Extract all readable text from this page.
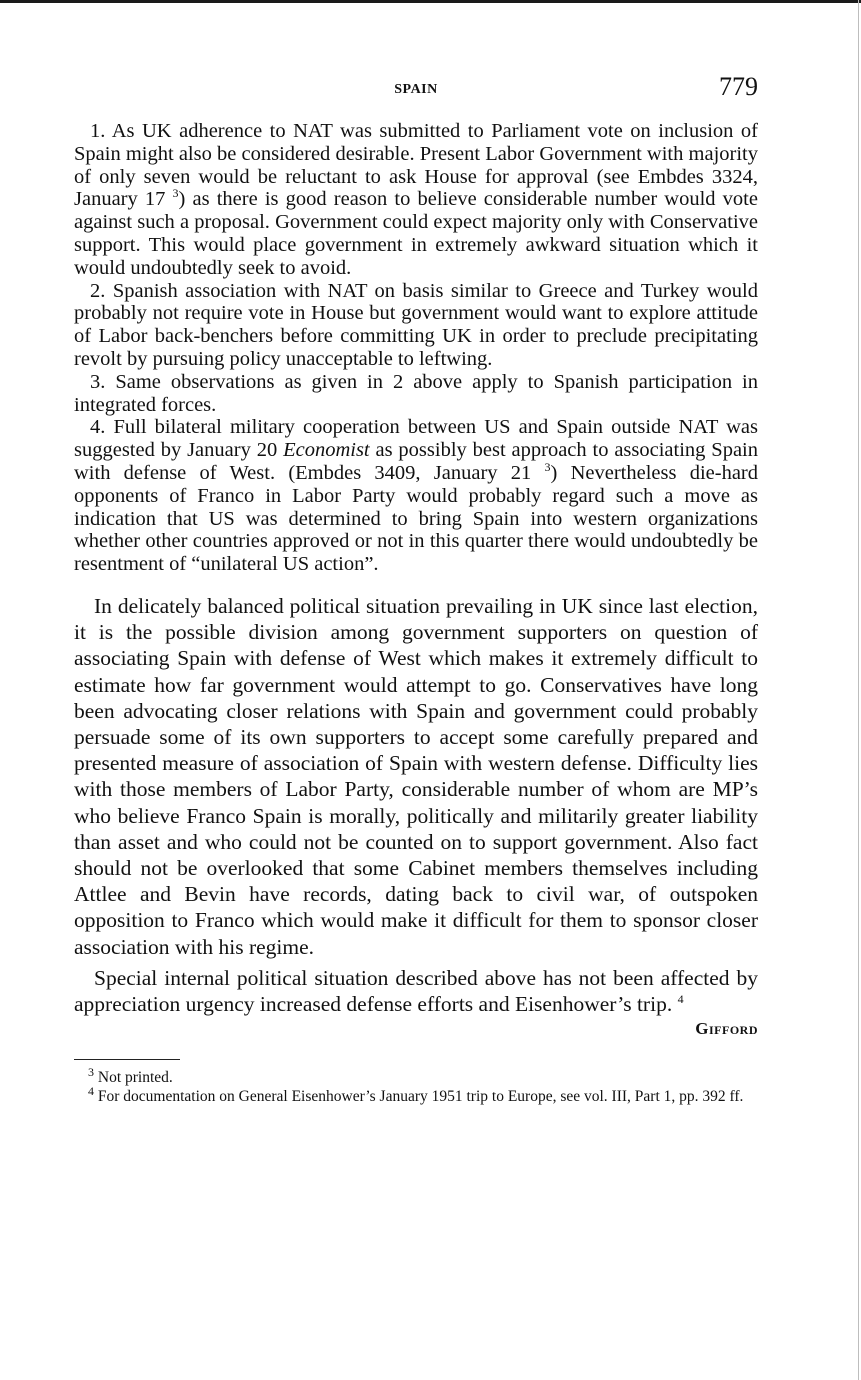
SPAIN	779

1. As UK adherence to NAT was submitted to Parliament vote on inclusion of Spain might also be considered desirable. Present Labor Government with majority of only seven would be reluctant to ask House for approval (see Embdes 3324, January 17 $^3$) as there is good reason to believe considerable number would vote against such a proposal. Government could expect majority only with Conservative support. This would place government in extremely awkward situation which it would undoubtedly seek to avoid.

2. Spanish association with NAT on basis similar to Greece and Turkey would probably not require vote in House but government would want to explore attitude of Labor back-benchers before committing UK in order to preclude precipitating revolt by pursuing policy unacceptable to leftwing.

3. Same observations as given in 2 above apply to Spanish participation in integrated forces.

4. Full bilateral military cooperation between US and Spain outside NAT was suggested by January 20 Economist as possibly best approach to associating Spain with defense of West. (Embdes 3409, January 21 $^3$) Nevertheless die-hard opponents of Franco in Labor Party would probably regard such a move as indication that US was determined to bring Spain into western organizations whether other countries approved or not in this quarter there would undoubtedly be resentment of “unilateral US action”.

In delicately balanced political situation prevailing in UK since last election, it is the possible division among government supporters on question of associating Spain with defense of West which makes it extremely difficult to estimate how far government would attempt to go. Conservatives have long been advocating closer relations with Spain and government could probably persuade some of its own supporters to accept some carefully prepared and presented measure of association of Spain with western defense. Difficulty lies with those members of Labor Party, considerable number of whom are MP’s who believe Franco Spain is morally, politically and militarily greater liability than asset and who could not be counted on to support government. Also fact should not be overlooked that some Cabinet members themselves including Attlee and Bevin have records, dating back to civil war, of outspoken opposition to Franco which would make it difficult for them to sponsor closer association with his regime.

Special internal political situation described above has not been affected by appreciation urgency increased defense efforts and Eisenhower’s trip. $^4$

Gifford

$^3$ Not printed.

$^4$ For documentation on General Eisenhower’s January 1951 trip to Europe, see vol. III, Part 1, pp. 392 ff.
